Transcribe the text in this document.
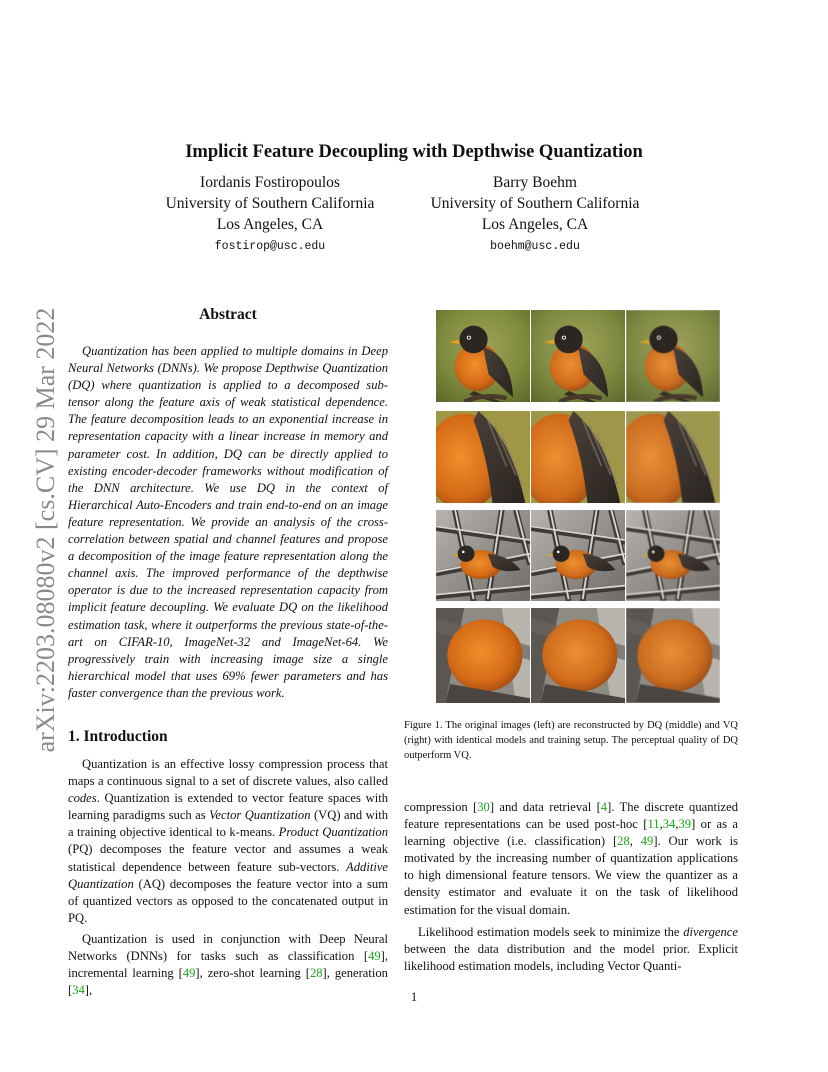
arXiv:2203.08080v2 [cs.CV] 29 Mar 2022
Implicit Feature Decoupling with Depthwise Quantization
Iordanis Fostiropoulos
University of Southern California
Los Angeles, CA
fostirop@usc.edu
Barry Boehm
University of Southern California
Los Angeles, CA
boehm@usc.edu
Abstract
Quantization has been applied to multiple domains in Deep Neural Networks (DNNs). We propose Depthwise Quantization (DQ) where quantization is applied to a decomposed sub-tensor along the feature axis of weak statistical dependence. The feature decomposition leads to an exponential increase in representation capacity with a linear increase in memory and parameter cost. In addition, DQ can be directly applied to existing encoder-decoder frameworks without modification of the DNN architecture. We use DQ in the context of Hierarchical Auto-Encoders and train end-to-end on an image feature representation. We provide an analysis of the cross-correlation between spatial and channel features and propose a decomposition of the image feature representation along the channel axis. The improved performance of the depthwise operator is due to the increased representation capacity from implicit feature decoupling. We evaluate DQ on the likelihood estimation task, where it outperforms the previous state-of-the-art on CIFAR-10, ImageNet-32 and ImageNet-64. We progressively train with increasing image size a single hierarchical model that uses 69% fewer parameters and has faster convergence than the previous work.
1. Introduction

Quantization is an effective lossy compression process that maps a continuous signal to a set of discrete values, also called codes. Quantization is extended to vector feature spaces with learning paradigms such as Vector Quantization (VQ) and with a training objective identical to k-means. Product Quantization (PQ) decomposes the feature vector and assumes a weak statistical dependence between feature sub-vectors. Additive Quantization (AQ) decomposes the feature vector into a sum of quantized vectors as opposed to the concatenated output in PQ.

Quantization is used in conjunction with Deep Neural Networks (DNNs) for tasks such as classification [49], incremental learning [49], zero-shot learning [28], generation [34],

Figure 1. The original images (left) are reconstructed by DQ (middle) and VQ (right) with identical models and training setup. The perceptual quality of DQ outperform VQ.

compression [30] and data retrieval [4]. The discrete quantized feature representations can be used post-hoc [11,34,39] or as a learning objective (i.e. classification) [28, 49]. Our work is motivated by the increasing number of quantization applications to high dimensional feature tensors. We view the quantizer as a density estimator and evaluate it on the task of likelihood estimation for the visual domain.

Likelihood estimation models seek to minimize the divergence between the data distribution and the model prior. Explicit likelihood estimation models, including Vector Quanti-

1
